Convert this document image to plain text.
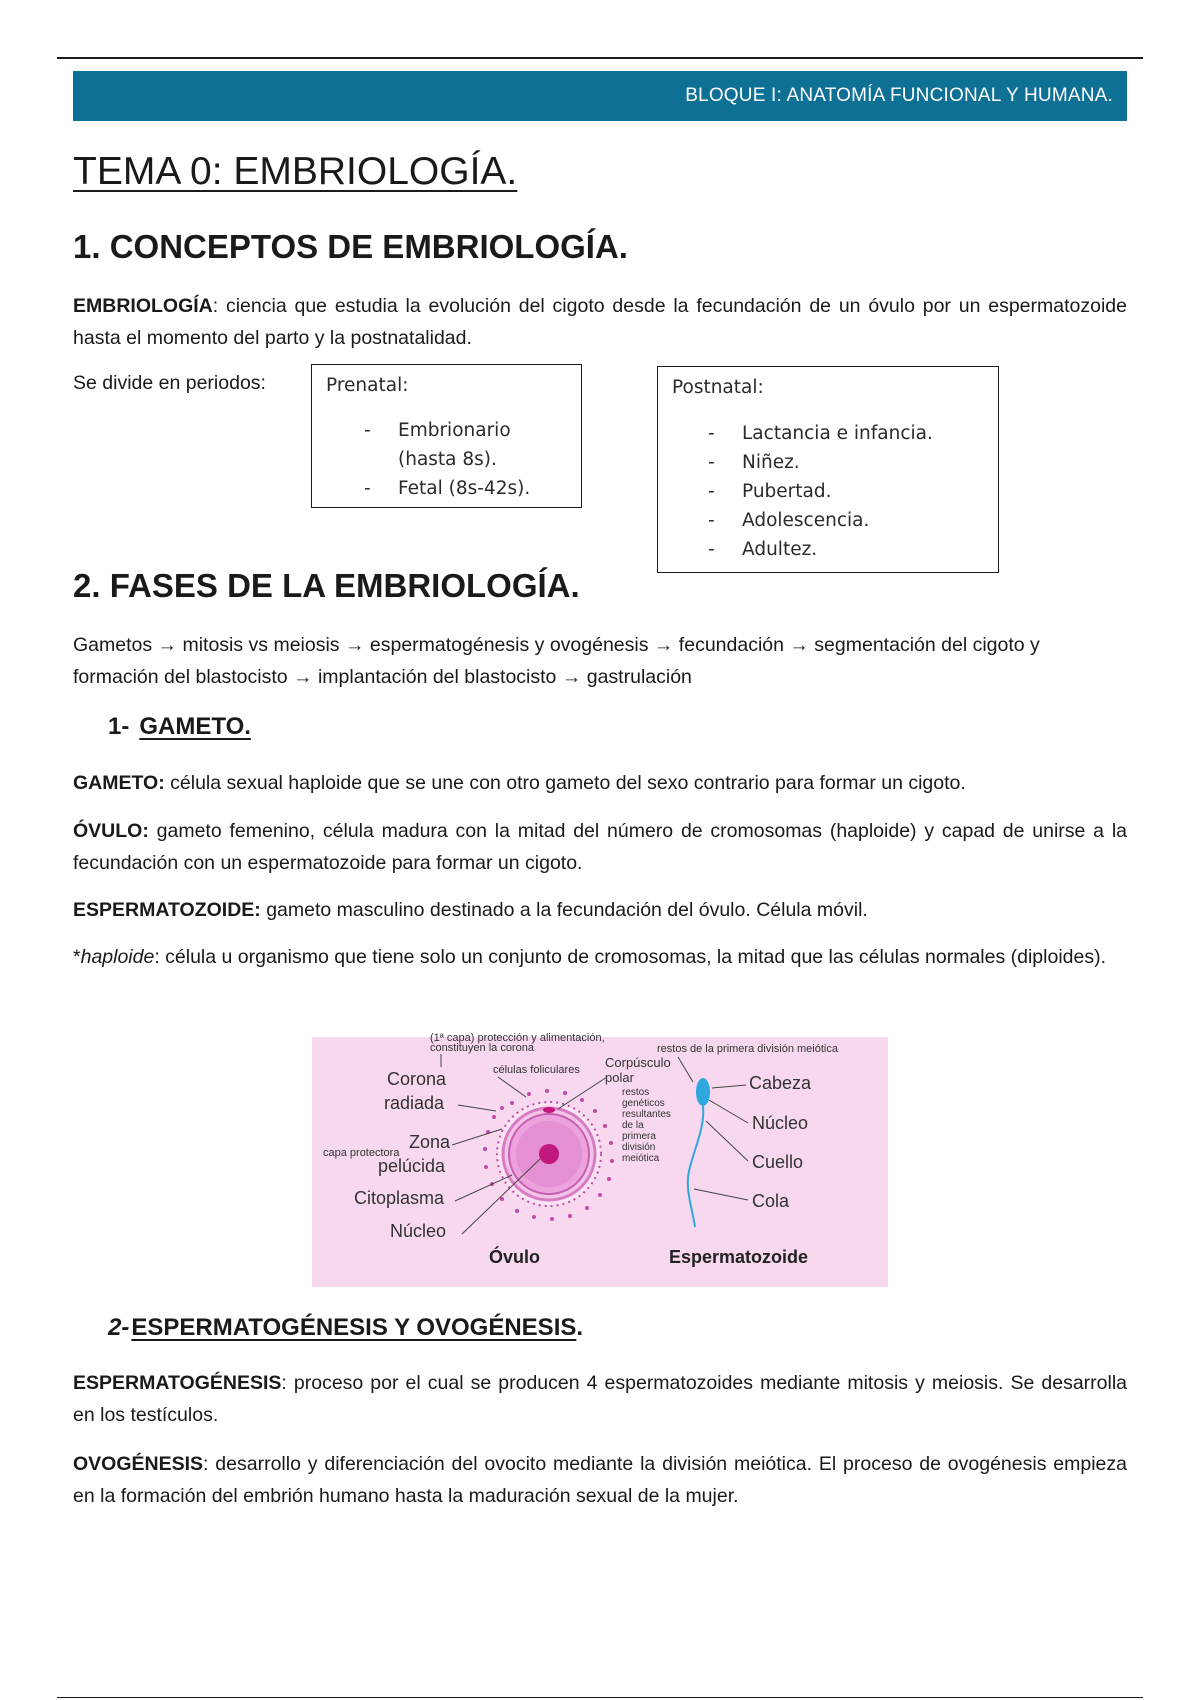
BLOQUE I: ANATOMÍA FUNCIONAL Y HUMANA.
TEMA 0: EMBRIOLOGÍA.
1. CONCEPTOS DE EMBRIOLOGÍA.

EMBRIOLOGÍA: ciencia que estudia la evolución del cigoto desde la fecundación de un óvulo por un espermatozoide hasta el momento del parto y la postnatalidad.

Se divide en periodos:	Prenatal:
- Embrionario (hasta 8s).
- Fetal (8s-42s).
Postnatal:
- Lactancia e infancia.
- Niñez.
- Pubertad.
- Adolescencia.
- Adultez.
2. FASES DE LA EMBRIOLOGÍA.

Gametos → mitosis vs meiosis → espermatogénesis y ovogénesis → fecundación → segmentación del cigoto y formación del blastocisto → implantación del blastocisto → gastrulación

1- GAMETO.

GAMETO: célula sexual haploide que se une con otro gameto del sexo contrario para formar un cigoto.

ÓVULO: gameto femenino, célula madura con la mitad del número de cromosomas (haploide) y capad de unirse a la fecundación con un espermatozoide para formar un cigoto.

ESPERMATOZOIDE: gameto masculino destinado a la fecundación del óvulo. Célula móvil.

*haploide: célula u organismo que tiene solo un conjunto de cromosomas, la mitad que las células normales (diploides).

(1ª capa) protección y alimentación,
constituyen la corona
células foliculares
restos de la primera división meiótica
Corpúsculo
polar
restos
genéticos
resultantes
de la
primera
división
meiótica
Corona
radiada
Zona
capa protectora
pelúcida
Citoplasma
Núcleo
Óvulo
Cabeza
Núcleo
Cuello
Cola
Espermatozoide
2-ESPERMATOGÉNESIS Y OVOGÉNESIS.

ESPERMATOGÉNESIS: proceso por el cual se producen 4 espermatozoides mediante mitosis y meiosis. Se desarrolla en los testículos.

OVOGÉNESIS: desarrollo y diferenciación del ovocito mediante la división meiótica. El proceso de ovogénesis empieza en la formación del embrión humano hasta la maduración sexual de la mujer.
